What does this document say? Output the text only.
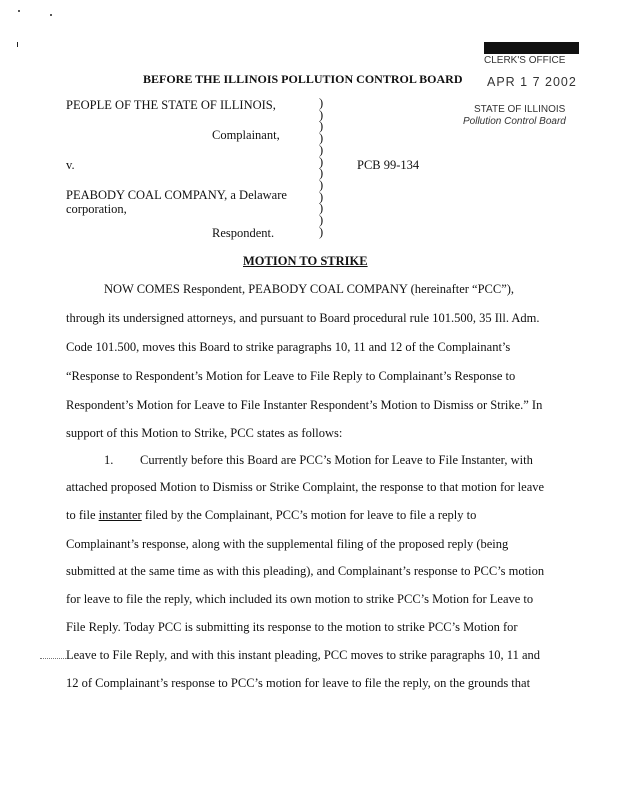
CLERK'S OFFICE
APR 1 7 2002
STATE OF ILLINOIS
Pollution Control Board
BEFORE THE ILLINOIS POLLUTION CONTROL BOARD
PEOPLE OF THE STATE OF ILLINOIS,
Complainant,
v.	PCB 99-134
PEABODY COAL COMPANY, a Delaware
corporation,
Respondent.
)
)
)
)
)
)
)
)
)
)
)
)
MOTION TO STRIKE
NOW COMES Respondent, PEABODY COAL COMPANY (hereinafter “PCC”),
through its undersigned attorneys, and pursuant to Board procedural rule 101.500, 35 Ill. Adm.
Code 101.500, moves this Board to strike paragraphs 10, 11 and 12 of the Complainant’s
“Response to Respondent’s Motion for Leave to File Reply to Complainant’s Response to
Respondent’s Motion for Leave to File Instanter Respondent’s Motion to Dismiss or Strike.” In
support of this Motion to Strike, PCC states as follows:
1. Currently before this Board are PCC’s Motion for Leave to File Instanter, with
attached proposed Motion to Dismiss or Strike Complaint, the response to that motion for leave
to file instanter filed by the Complainant, PCC’s motion for leave to file a reply to
Complainant’s response, along with the supplemental filing of the proposed reply (being
submitted at the same time as with this pleading), and Complainant’s response to PCC’s motion
for leave to file the reply, which included its own motion to strike PCC’s Motion for Leave to
File Reply. Today PCC is submitting its response to the motion to strike PCC’s Motion for
Leave to File Reply, and with this instant pleading, PCC moves to strike paragraphs 10, 11 and
12 of Complainant’s response to PCC’s motion for leave to file the reply, on the grounds that
